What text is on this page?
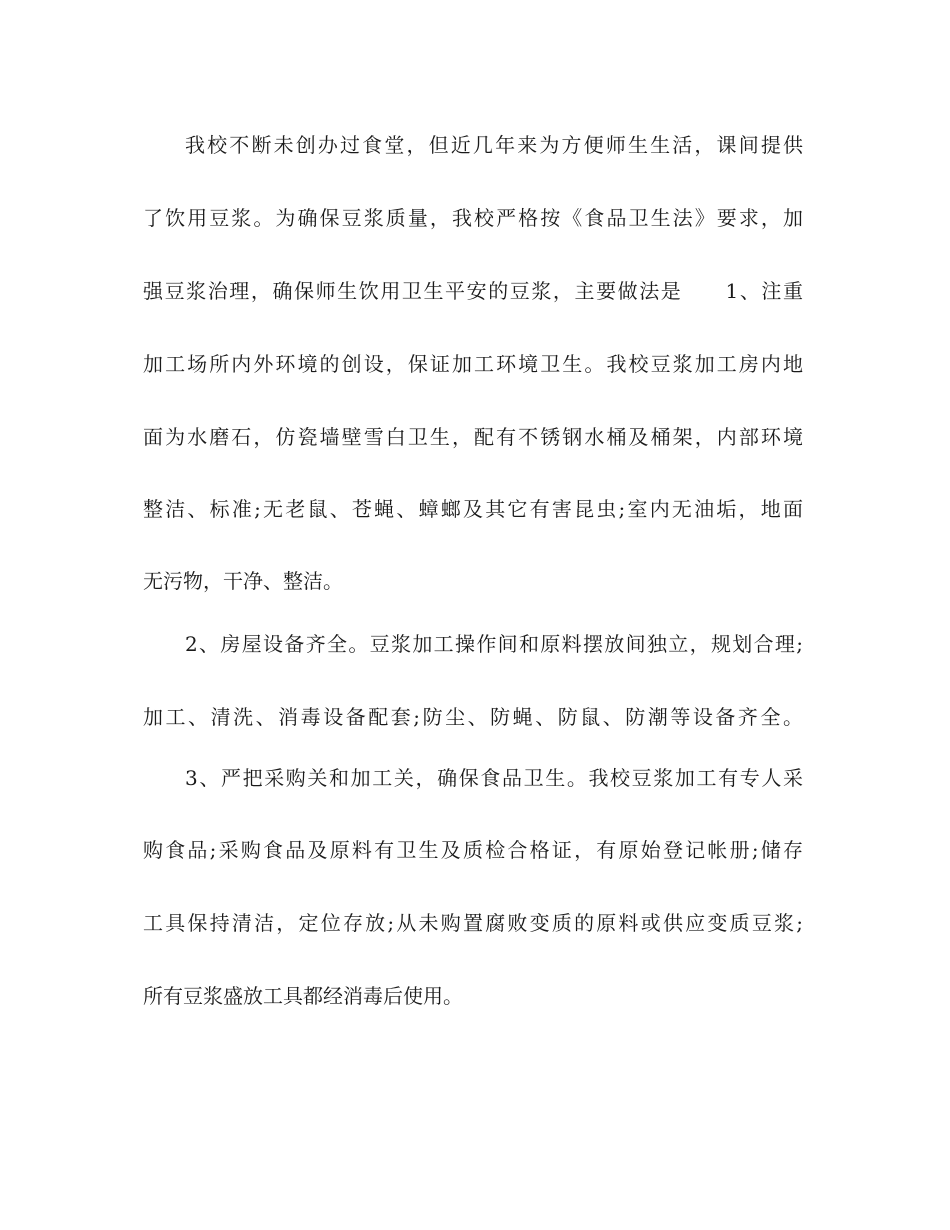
我校不断未创办过食堂，但近几年来为方便师生生活，课间提供
了饮用豆浆。为确保豆浆质量，我校严格按《食品卫生法》要求，加
强豆浆治理，确保师生饮用卫生平安的豆浆，主要做法是　　1、注重
加工场所内外环境的创设，保证加工环境卫生。我校豆浆加工房内地
面为水磨石，仿瓷墙壁雪白卫生，配有不锈钢水桶及桶架，内部环境
整洁、标准;无老鼠、苍蝇、蟑螂及其它有害昆虫;室内无油垢，地面
无污物，干净、整洁。
2、房屋设备齐全。豆浆加工操作间和原料摆放间独立，规划合理;
加工、清洗、消毒设备配套;防尘、防蝇、防鼠、防潮等设备齐全。
3、严把采购关和加工关，确保食品卫生。我校豆浆加工有专人采
购食品;采购食品及原料有卫生及质检合格证，有原始登记帐册;储存
工具保持清洁，定位存放;从未购置腐败变质的原料或供应变质豆浆;
所有豆浆盛放工具都经消毒后使用。
